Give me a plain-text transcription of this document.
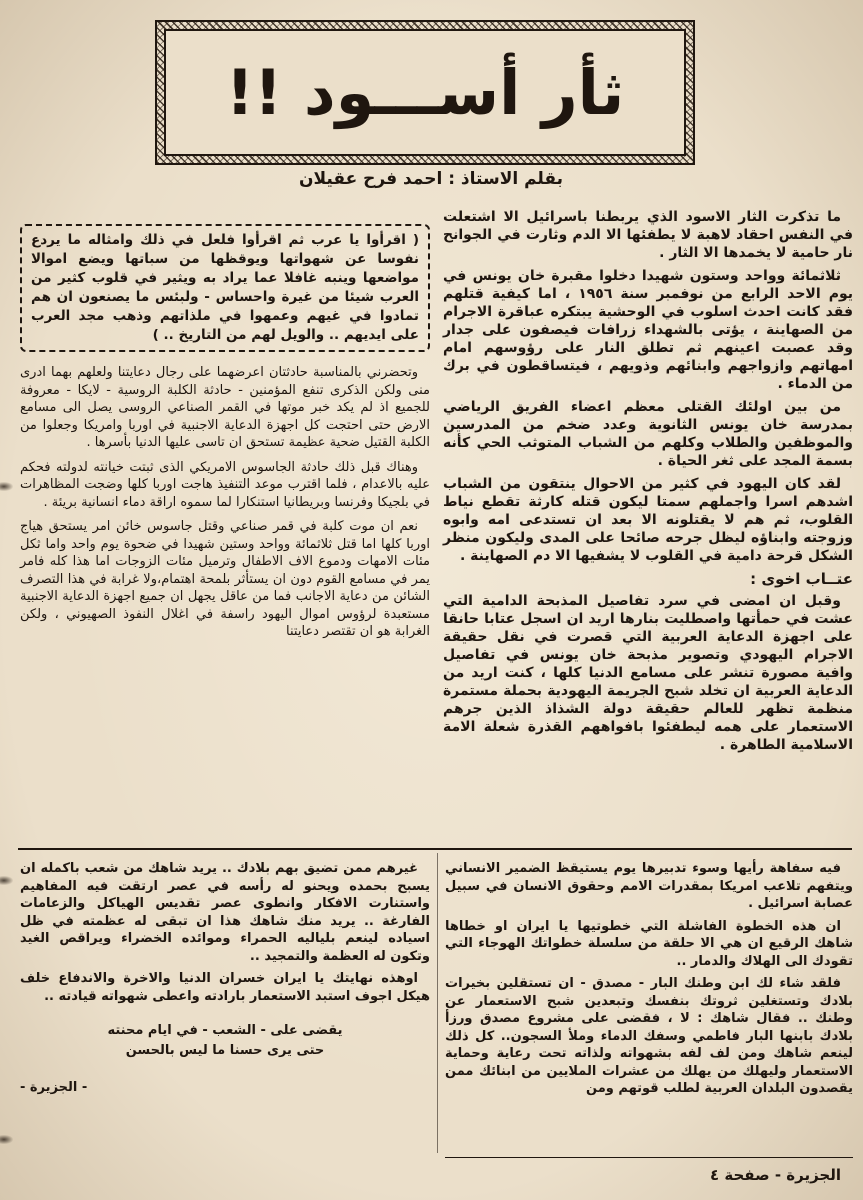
ثأر أســـود !!
بقلم الاستاذ : احمد فرح عقيلان

ما تذكرت الثار الاسود الذي يربطنا باسرائيل الا اشتعلت في النفس احقاد لاهبة لا يطفئها الا الدم وثارت في الجوانح نار حامية لا يخمدها الا الثار .

ثلاثمائة وواحد وستون شهيدا دخلوا مقبرة خان يونس في يوم الاحد الرابع من نوفمبر سنة ١٩٥٦ ، اما كيفية قتلهم فقد كانت احدث اسلوب في الوحشية يبتكره عباقرة الاجرام من الصهاينة ، يؤتى بالشهداء زرافات فيصفون على جدار وقد عصبت اعينهم ثم تطلق النار على رؤوسهم امام امهاتهم وازواجهم وابنائهم وذويهم ، فيتساقطون في برك من الدماء .

من بين اولئك القتلى معظم اعضاء الفريق الرياضي بمدرسة خان يونس الثانوية وعدد ضخم من المدرسين والموظفين والطلاب وكلهم من الشباب المتوثب الحي كأنه بسمة المجد على ثغر الحياة .

لقد كان اليهود في كثير من الاحوال ينتقون من الشباب اشدهم اسرا واجملهم سمتا ليكون قتله كارثة تقطع نياط القلوب، ثم هم لا يقتلونه الا بعد ان تستدعى امه وابوه وزوجته وابناؤه ليظل جرحه صائحا على المدى وليكون منظر الشكل قرحة دامية في القلوب لا يشفيها الا دم الصهاينة .

عتــاب اخوى :

وقبل ان امضى في سرد تفاصيل المذبحة الدامية التي عشت في حمأتها واصطليت بنارها اريد ان اسجل عتابا حانقا على اجهزة الدعاية العربية التي قصرت في نقل حقيقة الاجرام اليهودي وتصوير مذبحة خان يونس في تفاصيل وافية مصورة تنشر على مسامع الدنيا كلها ، كنت اريد من الدعاية العربية ان تخلد شبح الجريمة اليهودية بحملة مستمرة منظمة تظهر للعالم حقيقة دولة الشذاذ الذين جرهم الاستعمار على همه ليطفئوا بافواههم القذرة شعلة الامة الاسلامية الطاهرة .

( اقرأوا يا عرب ثم اقرأوا فلعل في ذلك وامثاله ما يردع نفوسا عن شهواتها ويوقظها من سباتها ويضع اموالا مواضعها وينبه غافلا عما يراد به ويثير في قلوب كثير من العرب شيئا من غيرة واحساس - ولبئس ما يصنعون ان هم تمادوا في غيهم وعمهوا في ملذاتهم وذهب مجد العرب على ايديهم .. والويل لهم من التاريخ .. )

وتحضرني بالمناسبة حادثتان اعرضهما على رجال دعايتنا ولعلهم بهما ادرى منى ولكن الذكرى تنفع المؤمنين - حادثة الكلبة الروسية - لايكا - معروفة للجميع اذ لم يكد خبر موتها في القمر الصناعي الروسى يصل الى مسامع الارض حتى احتجت كل اجهزة الدعاية الاجنبية في اوربا وامريكا وجعلوا من الكلبة القتيل ضحية عظيمة تستحق ان تاسى عليها الدنيا بأسرها .

وهناك قبل ذلك حادثة الجاسوس الامريكي الذى ثبتت خيانته لدولته فحكم عليه بالاعدام ، فلما اقترب موعد التنفيذ هاجت اوربا كلها وضجت المظاهرات في بلجيكا وفرنسا وبريطانيا استنكارا لما سموه اراقة دماء انسانية بريئة .

نعم ان موت كلبة في قمر صناعي وقتل جاسوس خائن امر يستحق هياج اوربا كلها اما قتل ثلاثمائة وواحد وستين شهيدا في ضحوة يوم واحد واما ثكل مئات الامهات ودموع الاف الاطفال وترميل مئات الزوجات اما هذا كله فامر يمر في مسامع القوم دون ان يستأثر بلمحة اهتمام،ولا غرابة في هذا التصرف الشائن من دعاية الاجانب فما من عاقل يجهل ان جميع اجهزة الدعاية الاجنبية مستعبدة لرؤوس اموال اليهود راسفة في اغلال النفوذ الصهيوني ، ولكن الغرابة هو ان تقتصر دعايتنا

فيه سفاهة رأيها وسوء تدبيرها يوم يستيقظ الضمير الانساني ويتفهم تلاعب امريكا بمقدرات الامم وحقوق الانسان في سبيل عصابة اسرائيل .

ان هذه الخطوة الفاشلة التي خطوتيها يا ايران او خطاها شاهك الرقيع ان هي الا حلقة من سلسلة خطواتك الهوجاء التي تقودك الى الهلاك والدمار ..

فلقد شاء لك ابن وطنك البار - مصدق - ان تستقلين بخيرات بلادك وتستغلين ثروتك بنفسك وتبعدين شبح الاستعمار عن وطنك .. فقال شاهك : لا ، فقضى على مشروع مصدق ورزأ بلادك بابنها البار فاطمي وسفك الدماء وملأ السجون.. كل ذلك لينعم شاهك ومن لف لفه بشهواته ولذاته تحت رعاية وحماية الاستعمار وليهلك من يهلك من عشرات الملايين من ابنائك ممن يقصدون البلدان العربية لطلب قوتهم ومن

غيرهم ممن تضيق بهم بلادك .. يريد شاهك من شعب باكمله ان يسبح بحمده ويحنو له رأسه في عصر ارتقت فيه المفاهيم واستنارت الافكار وانطوى عصر تقديس الهياكل والزعامات الفارغة .. يريد منك شاهك هذا ان تبقى له عظمته في ظل اسياده لينعم بلياليه الحمراء وموائده الخضراء ويراقص الغيد وتكون له العظمة والتمجيد ..

اوهذه نهايتك يا ايران خسران الدنيا والاخرة والاندفاع خلف هيكل اجوف استبد الاستعمار بارادته واعطى شهواته قيادته ..

يقضى على - الشعب - في ايام محنته
حتى يرى حسنا ما ليس بالحسن
- الجزيرة -
الجزيرة - صفحة ٤
